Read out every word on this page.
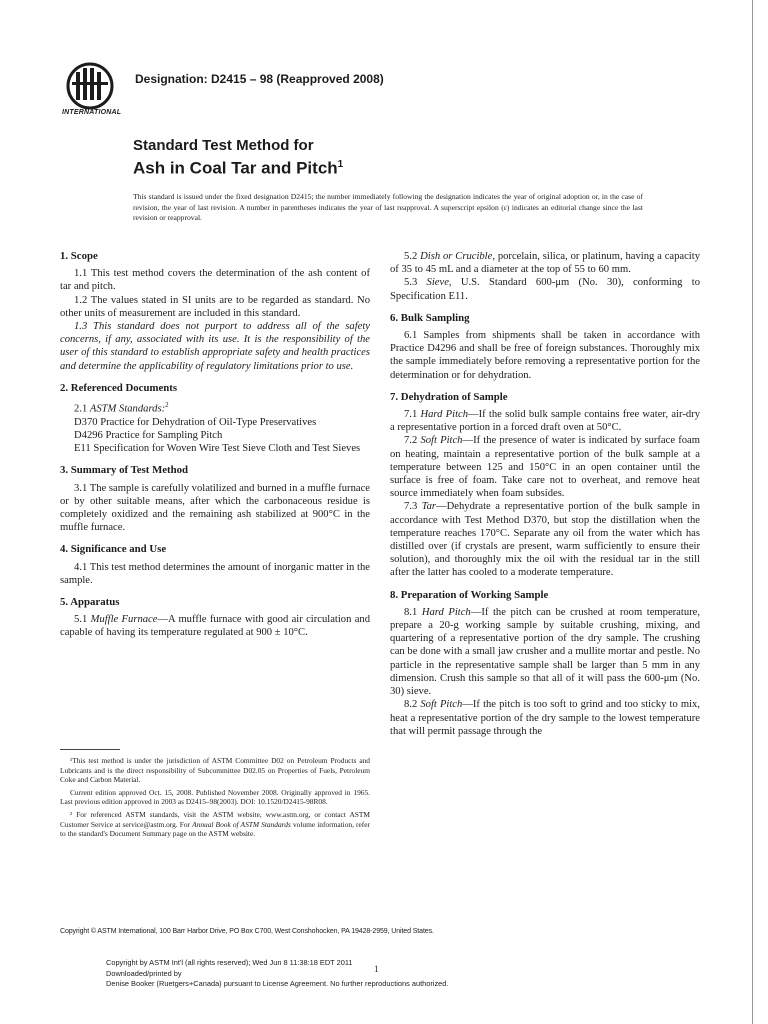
INTERNATIONAL
Designation: D2415 – 98 (Reapproved 2008)
Standard Test Method for
Ash in Coal Tar and Pitch$^1$
This standard is issued under the fixed designation D2415; the number immediately following the designation indicates the year of original adoption or, in the case of revision, the year of last revision. A number in parentheses indicates the year of last reapproval. A superscript epsilon (ε) indicates an editorial change since the last revision or reapproval.

1. Scope

1.1 This test method covers the determination of the ash content of tar and pitch.

1.2 The values stated in SI units are to be regarded as standard. No other units of measurement are included in this standard.

1.3 This standard does not purport to address all of the safety concerns, if any, associated with its use. It is the responsibility of the user of this standard to establish appropriate safety and health practices and determine the applicability of regulatory limitations prior to use.

2. Referenced Documents

2.1 ASTM Standards:$^2$

D370 Practice for Dehydration of Oil-Type Preservatives

D4296 Practice for Sampling Pitch

E11 Specification for Woven Wire Test Sieve Cloth and Test Sieves

3. Summary of Test Method

3.1 The sample is carefully volatilized and burned in a muffle furnace or by other suitable means, after which the carbonaceous residue is completely oxidized and the remaining ash stabilized at 900°C in the muffle furnace.

4. Significance and Use

4.1 This test method determines the amount of inorganic matter in the sample.

5. Apparatus

5.1 Muffle Furnace—A muffle furnace with good air circulation and capable of having its temperature regulated at 900 ± 10°C.

¹This test method is under the jurisdiction of ASTM Committee D02 on Petroleum Products and Lubricants and is the direct responsibility of Subcommittee D02.05 on Properties of Fuels, Petroleum Coke and Carbon Material.

Current edition approved Oct. 15, 2008. Published November 2008. Originally approved in 1965. Last previous edition approved in 2003 as D2415–98(2003). DOI: 10.1520/D2415-98R08.

² For referenced ASTM standards, visit the ASTM website, www.astm.org, or contact ASTM Customer Service at service@astm.org. For Annual Book of ASTM Standards volume information, refer to the standard's Document Summary page on the ASTM website.

5.2 Dish or Crucible, porcelain, silica, or platinum, having a capacity of 35 to 45 mL and a diameter at the top of 55 to 60 mm.

5.3 Sieve, U.S. Standard 600-μm (No. 30), conforming to Specification E11.

6. Bulk Sampling

6.1 Samples from shipments shall be taken in accordance with Practice D4296 and shall be free of foreign substances. Thoroughly mix the sample immediately before removing a representative portion for the determination or for dehydration.

7. Dehydration of Sample

7.1 Hard Pitch—If the solid bulk sample contains free water, air-dry a representative portion in a forced draft oven at 50°C.

7.2 Soft Pitch—If the presence of water is indicated by surface foam on heating, maintain a representative portion of the bulk sample at a temperature between 125 and 150°C in an open container until the surface is free of foam. Take care not to overheat, and remove heat source immediately when foam subsides.

7.3 Tar—Dehydrate a representative portion of the bulk sample in accordance with Test Method D370, but stop the distillation when the temperature reaches 170°C. Separate any oil from the water which has distilled over (if crystals are present, warm sufficiently to ensure their solution), and thoroughly mix the oil with the residual tar in the still after the latter has cooled to a moderate temperature.

8. Preparation of Working Sample

8.1 Hard Pitch—If the pitch can be crushed at room temperature, prepare a 20-g working sample by suitable crushing, mixing, and quartering of a representative portion of the dry sample. The crushing can be done with a small jaw crusher and a mullite mortar and pestle. No particle in the representative sample shall be larger than 5 mm in any dimension. Crush this sample so that all of it will pass the 600-μm (No. 30) sieve.

8.2 Soft Pitch—If the pitch is too soft to grind and too sticky to mix, heat a representative portion of the dry sample to the lowest temperature that will permit passage through the

Copyright © ASTM International, 100 Barr Harbor Drive, PO Box C700, West Conshohocken, PA 19428-2959, United States.
Copyright by ASTM Int'l (all rights reserved); Wed Jun 8 11:38:18 EDT 2011
Downloaded/printed by
Denise Booker (Ruetgers+Canada) pursuant to License Agreement. No further reproductions authorized.
1
